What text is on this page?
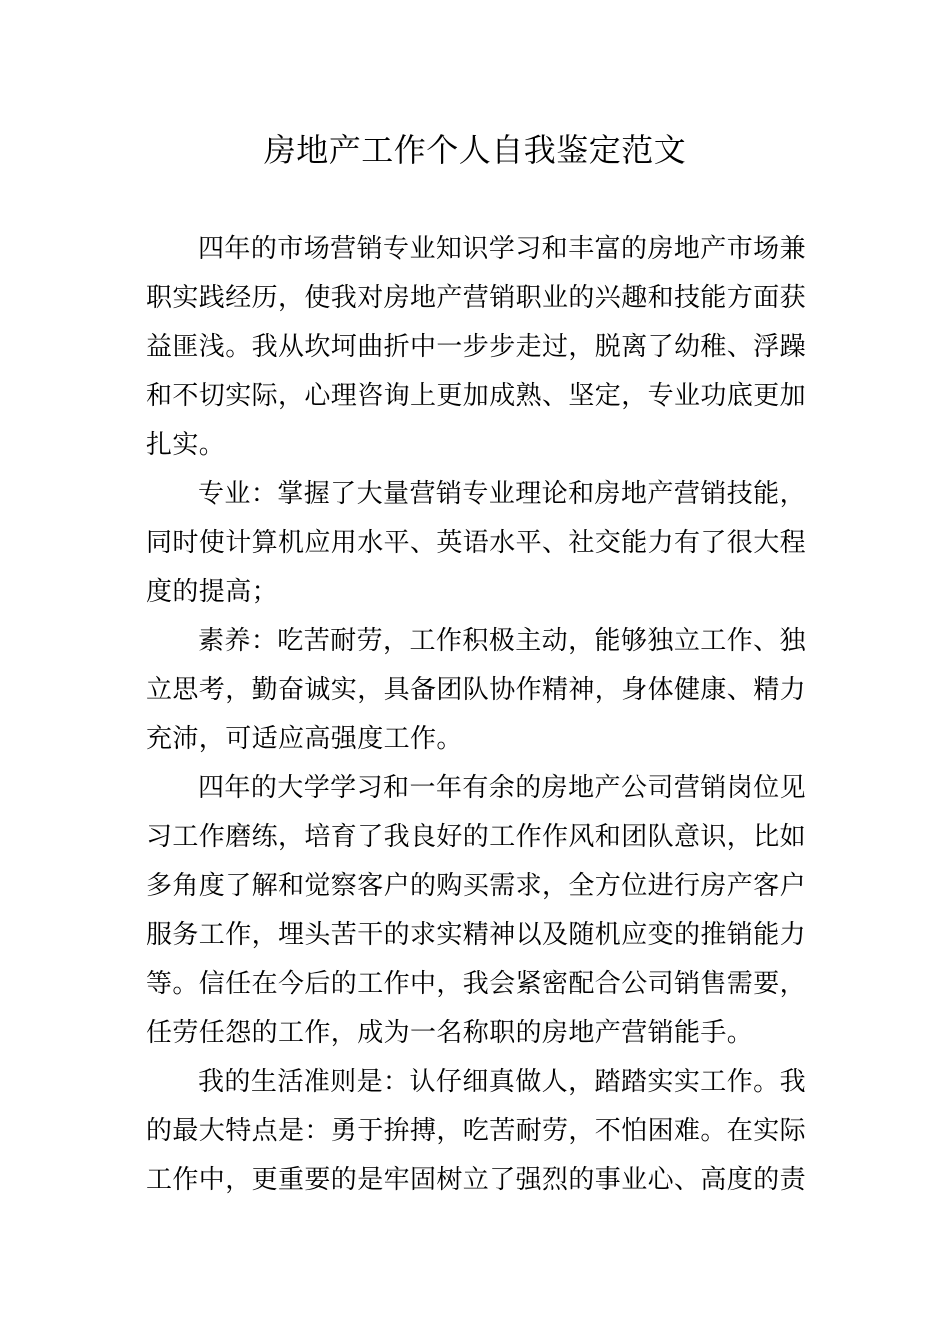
房地产工作个人自我鉴定范文

四年的市场营销专业知识学习和丰富的房地产市场兼职实践经历，使我对房地产营销职业的兴趣和技能方面获益匪浅。我从坎坷曲折中一步步走过，脱离了幼稚、浮躁和不切实际，心理咨询上更加成熟、坚定，专业功底更加扎实。

专业：掌握了大量营销专业理论和房地产营销技能，同时使计算机应用水平、英语水平、社交能力有了很大程度的提高；

素养：吃苦耐劳，工作积极主动，能够独立工作、独立思考，勤奋诚实，具备团队协作精神，身体健康、精力充沛，可适应高强度工作。

四年的大学学习和一年有余的房地产公司营销岗位见习工作磨练，培育了我良好的工作作风和团队意识，比如多角度了解和觉察客户的购买需求，全方位进行房产客户服务工作，埋头苦干的求实精神以及随机应变的推销能力等。信任在今后的工作中，我会紧密配合公司销售需要，任劳任怨的工作，成为一名称职的房地产营销能手。

我的生活准则是：认仔细真做人，踏踏实实工作。我的最大特点是：勇于拚搏，吃苦耐劳，不怕困难。在实际工作中，更重要的是牢固树立了强烈的事业心、高度的责
